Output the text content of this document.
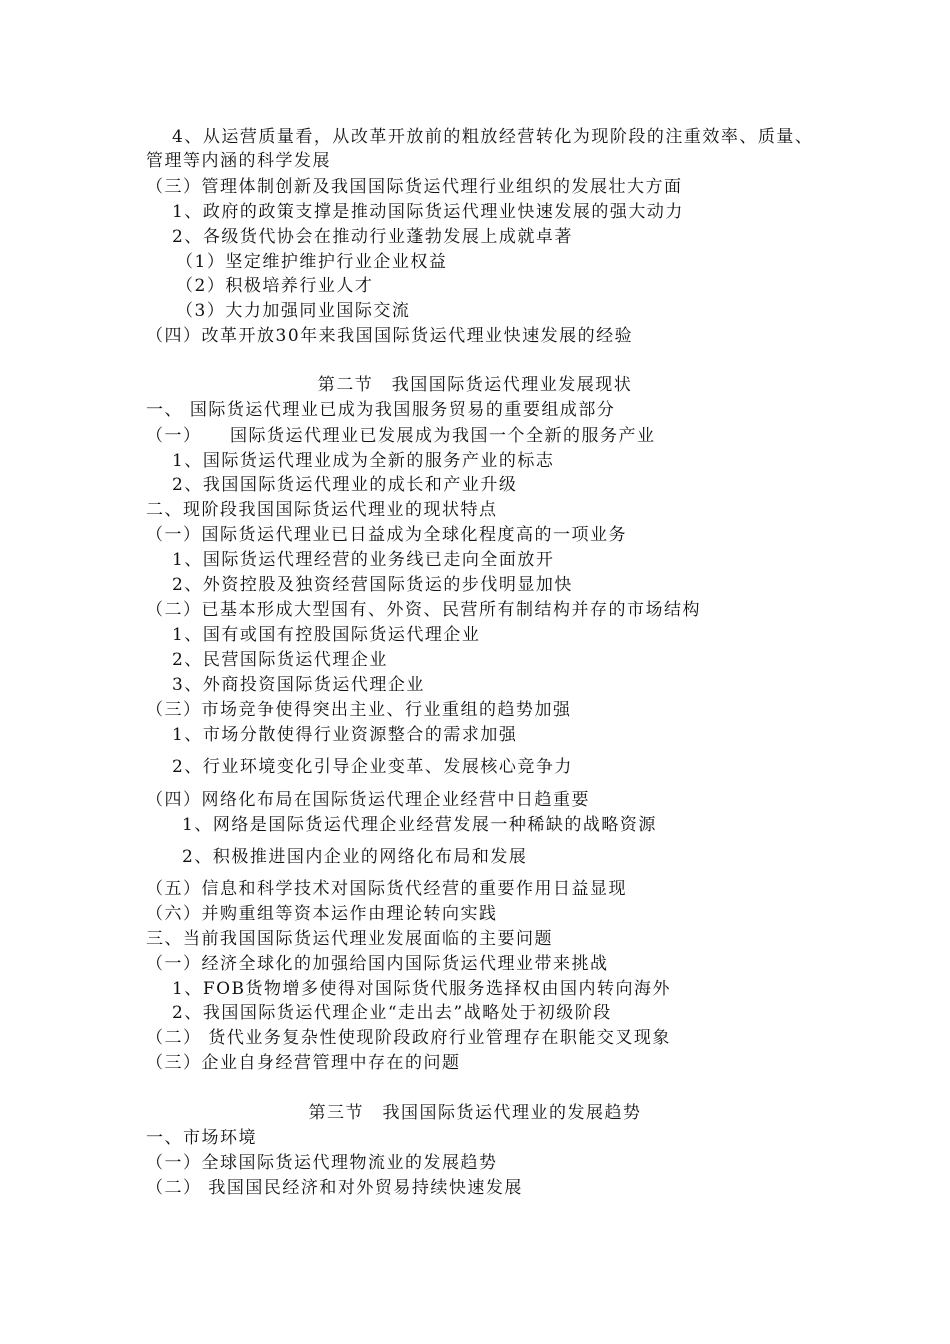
4、从运营质量看，从改革开放前的粗放经营转化为现阶段的注重效率、质量、
管理等内涵的科学发展
（三）管理体制创新及我国国际货运代理行业组织的发展壮大方面
1、政府的政策支撑是推动国际货运代理业快速发展的强大动力
2、各级货代协会在推动行业蓬勃发展上成就卓著
（1）坚定维护维护行业企业权益
（2）积极培养行业人才
（3）大力加强同业国际交流
（四）改革开放30年来我国国际货运代理业快速发展的经验
第二节　我国国际货运代理业发展现状
一、 国际货运代理业已成为我国服务贸易的重要组成部分
（一）　　国际货运代理业已发展成为我国一个全新的服务产业
1、国际货运代理业成为全新的服务产业的标志
2、我国国际货运代理业的成长和产业升级
二、现阶段我国国际货运代理业的现状特点
（一）国际货运代理业已日益成为全球化程度高的一项业务
1、国际货运代理经营的业务线已走向全面放开
2、外资控股及独资经营国际货运的步伐明显加快
（二）已基本形成大型国有、外资、民营所有制结构并存的市场结构
1、国有或国有控股国际货运代理企业
2、民营国际货运代理企业
3、外商投资国际货运代理企业
（三）市场竞争使得突出主业、行业重组的趋势加强
1、市场分散使得行业资源整合的需求加强
2、行业环境变化引导企业变革、发展核心竞争力
（四）网络化布局在国际货运代理企业经营中日趋重要
1、网络是国际货运代理企业经营发展一种稀缺的战略资源
2、积极推进国内企业的网络化布局和发展
（五）信息和科学技术对国际货代经营的重要作用日益显现
（六）并购重组等资本运作由理论转向实践
三、当前我国国际货运代理业发展面临的主要问题
（一）经济全球化的加强给国内国际货运代理业带来挑战
1、FOB货物增多使得对国际货代服务选择权由国内转向海外
2、我国国际货运代理企业“走出去”战略处于初级阶段
（二） 货代业务复杂性使现阶段政府行业管理存在职能交叉现象
（三）企业自身经营管理中存在的问题
第三节　我国国际货运代理业的发展趋势
一、市场环境
（一）全球国际货运代理物流业的发展趋势
（二） 我国国民经济和对外贸易持续快速发展
